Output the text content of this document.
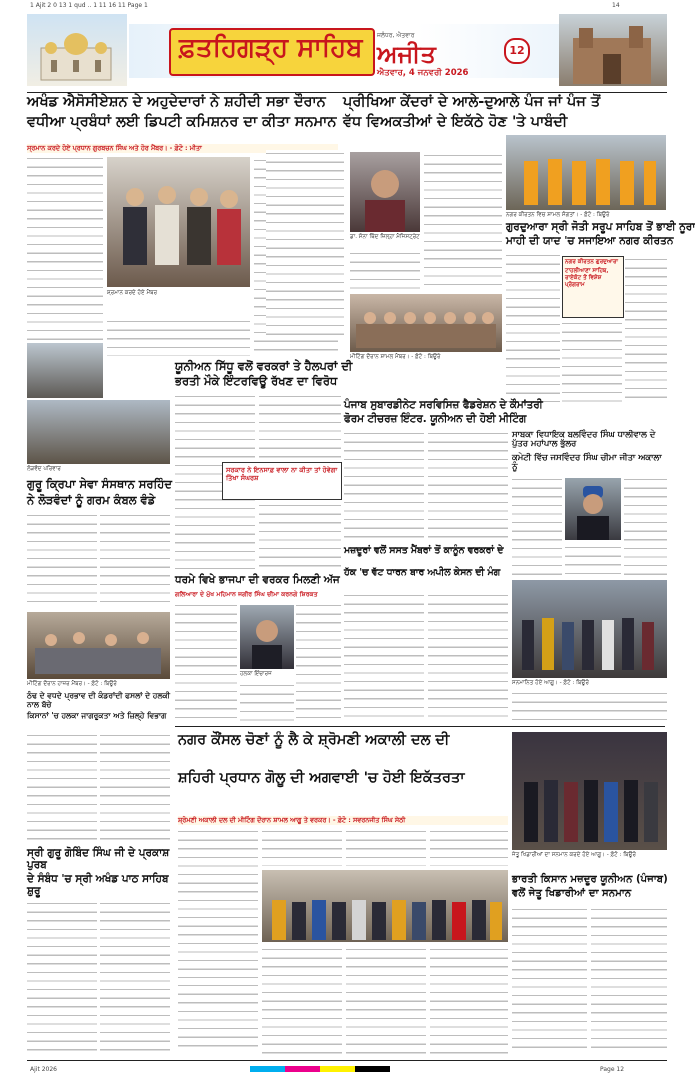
1 Ajit 2 0 13 1 qud .. 1 11 16 11 Page 1	14
ਫ਼ਤਹਿਗੜ੍ਹ ਸਾਹਿਬ ਜਲੰਧਰ, ਐਤਵਾਰ
ਅਜੀਤ
ਐਤਵਾਰ, 4 ਜਨਵਰੀ 2026
12
ਅਖੰਡ ਐਸੋਸੀਏਸ਼ਨ ਦੇ ਅਹੁਦੇਦਾਰਾਂ ਨੇ ਸ਼ਹੀਦੀ ਸਭਾ ਦੌਰਾਨ
ਵਧੀਆ ਪ੍ਰਬੰਧਾਂ ਲਈ ਡਿਪਟੀ ਕਮਿਸ਼ਨਰ ਦਾ ਕੀਤਾ ਸਨਮਾਨ
ਸ੍ਰਮਾਨ ਕਰਦੇ ਹੋਏ ਪ੍ਰਧਾਨ ਗੁਰਬਚਨ ਸਿੰਘ ਅਤੇ ਹੋਰ ਮੈਂਬਰ। - ਫ਼ੋਟੋ : ਮੀਤਾ
ਸ਼੍ਰਮਾਨ ਕਰਦੇ ਹੋਏ ਮੈਂਬਰ
ਪ੍ਰੀਖਿਆ ਕੇਂਦਰਾਂ ਦੇ ਆਲੇ-ਦੁਆਲੇ ਪੰਜ ਜਾਂ ਪੰਜ ਤੋਂ
ਵੱਧ ਵਿਅਕਤੀਆਂ ਦੇ ਇਕੱਠੇ ਹੋਣ 'ਤੇ ਪਾਬੰਦੀ
ਡਾ. ਸੋਨਾ ਥਿੰਦ ਜ਼ਿਲ੍ਹਾ ਮੈਜਿਸਟ੍ਰੇਟ
ਮੀਟਿੰਗ ਦੌਰਾਨ ਸ਼ਾਮਲ ਮੈਂਬਰ। - ਫ਼ੋਟੋ : ਬਿਊਰੋ
ਨਗਰ ਕੀਰਤਨ ਵਿਚ ਸ਼ਾਮਲ ਸੰਗਤਾਂ। - ਫ਼ੋਟੋ : ਬਿਊਰੋ
ਗੁਰਦੁਆਰਾ ਸ੍ਰੀ ਜੋਤੀ ਸਰੂਪ ਸਾਹਿਬ ਤੋਂ ਭਾਈ ਨੂਰਾ
ਮਾਹੀ ਦੀ ਯਾਦ 'ਚ ਸਜਾਇਆ ਨਗਰ ਕੀਰਤਨ
ਨਗਰ ਕੀਰਤਨ ਗੁਰਦੁਆਰਾ
ਟਾਹਲੀਆਣਾ ਸਾਹਿਬ,
ਰਾਏਕੋਟ ਤੋਂ ਵਿਸ਼ੇਸ਼ ਪ੍ਰੋਗਰਾਮ
ਯੂਨੀਅਨ ਸਿੱਧੂ ਵਲੋਂ ਵਰਕਰਾਂ ਤੇ ਹੈਲਪਰਾਂ ਦੀ
ਭਰਤੀ ਮੌਕੇ ਇੰਟਰਵਿਊ ਰੱਖਣ ਦਾ ਵਿਰੋਧ
ਸਰਕਾਰ ਨੇ ਇਨਸਾਫ਼ ਵਾਲਾ ਨਾ ਕੀਤਾ ਤਾਂ ਹੋਵੇਗਾ ਤਿੱਖਾ ਸੰਘਰਸ਼
ਪੰਜਾਬ ਸੁਬਾਰਡੀਨੇਟ ਸਰਵਿਸਿਜ਼ ਫੈਡਰੇਸ਼ਨ ਦੇ ਕੌਮਾਂਤਰੀ
ਫੋਰਮ ਟੀਚਰਜ਼ ਇੰਟਰ. ਯੂਨੀਅਨ ਦੀ ਹੋਈ ਮੀਟਿੰਗ
ਸਾਬਕਾ ਵਿਧਾਇਕ ਬਲਵਿੰਦਰ ਸਿੰਘ ਧਾਲੀਵਾਲ ਦੇ ਪੁੱਤਰ ਮਹਾਂਪਾਲ ਭੁੱਲਰ
ਕਮੇਟੀ ਵਿੱਚ ਜਸਵਿੰਦਰ ਸਿੰਘ ਚੀਮਾ ਜੀਤਾ ਅਕਾਲਾ ਨੂੰ
ਲੋੜਵੰਦ ਪਰਿਵਾਰ
ਗੁਰੂ ਕ੍ਰਿਪਾ ਸੇਵਾ ਸੰਸਥਾਨ ਸਰਹਿੰਦ
ਨੇ ਲੋੜਵੰਦਾਂ ਨੂੰ ਗਰਮ ਕੰਬਲ ਵੰਡੇ
ਧਰਮੇ ਵਿਖੇ ਭਾਜਪਾ ਦੀ ਵਰਕਰ ਮਿਲਣੀ ਅੱਜ
ਗਲਿਆਰਾ ਦੇ ਮੁੱਖ ਮਹਿਮਾਨ ਜਗੀਰ ਸਿੰਘ ਚੀਮਾ ਕਰਨਗੇ ਸ਼ਿਰਕਤ
ਹਲਕਾ ਇੰਚਾਰਜ
ਮਜ਼ਦੂਰਾਂ ਵਲੋਂ ਸਸਤ ਮੈਂਬਰਾਂ ਤੋਂ ਕਾਨੂੰਨ ਵਰਕਰਾਂ ਦੇ
ਹੱਕ 'ਚ ਵੱਟ ਧਾਰਨ ਬਾਰ ਅਪੀਲ ਕੇਸਨ ਦੀ ਮੰਗ
ਸਨਮਾਨਿਤ ਹੋਏ ਆਗੂ। - ਫ਼ੋਟੋ : ਬਿਊਰੋ
ਮੀਟਿੰਗ ਦੌਰਾਨ ਹਾਜ਼ਰ ਮੈਂਬਰ। - ਫ਼ੋਟੋ : ਬਿਊਰੋ
ਠੰਢ ਦੇ ਵਧਦੇ ਪ੍ਰਭਾਵ ਦੀ ਕੰਡਰਾਂਦੀ ਫਸਲਾਂ ਦੇ ਹਲਕੀ ਨਾਲ ਬੱਚੇ
ਕਿਸਾਨਾਂ 'ਚ ਹਲਕਾ ਜਾਗਰੂਕਤਾ ਅਤੇ ਜ਼ਿਲ੍ਹੇ ਵਿਭਾਗ
ਨਗਰ ਕੌਂਸਲ ਚੋਣਾਂ ਨੂੰ ਲੈ ਕੇ ਸ਼੍ਰੋਮਣੀ ਅਕਾਲੀ ਦਲ ਦੀ
ਸ਼ਹਿਰੀ ਪ੍ਰਧਾਨ ਗੋਲੂ ਦੀ ਅਗਵਾਈ 'ਚ ਹੋਈ ਇਕੱਤਰਤਾ
ਸ਼੍ਰੋਮਣੀ ਅਕਾਲੀ ਦਲ ਦੀ ਮੀਟਿੰਗ ਦੌਰਾਨ ਸ਼ਾਮਲ ਆਗੂ ਤੇ ਵਰਕਰ। - ਫ਼ੋਟੋ : ਸਵਰਨਜੀਤ ਸਿੰਘ ਸੇਠੀ
ਜੇਤੂ ਖਿਡਾਰੀਆਂ ਦਾ ਸਨਮਾਨ ਕਰਦੇ ਹੋਏ ਆਗੂ। - ਫ਼ੋਟੋ : ਬਿਊਰੋ
ਭਾਰਤੀ ਕਿਸਾਨ ਮਜ਼ਦੂਰ ਯੂਨੀਅਨ (ਪੰਜਾਬ)
ਵਲੋਂ ਜੇਤੂ ਖਿਡਾਰੀਆਂ ਦਾ ਸਨਮਾਨ
ਸ੍ਰੀ ਗੁਰੂ ਗੋਬਿੰਦ ਸਿੰਘ ਜੀ ਦੇ ਪ੍ਰਕਾਸ਼ ਪੁਰਬ
ਦੇ ਸੰਬੰਧ 'ਚ ਸ੍ਰੀ ਅਖੰਡ ਪਾਠ ਸਾਹਿਬ ਸ਼ੁਰੂ
Ajit 2026	Page 12
